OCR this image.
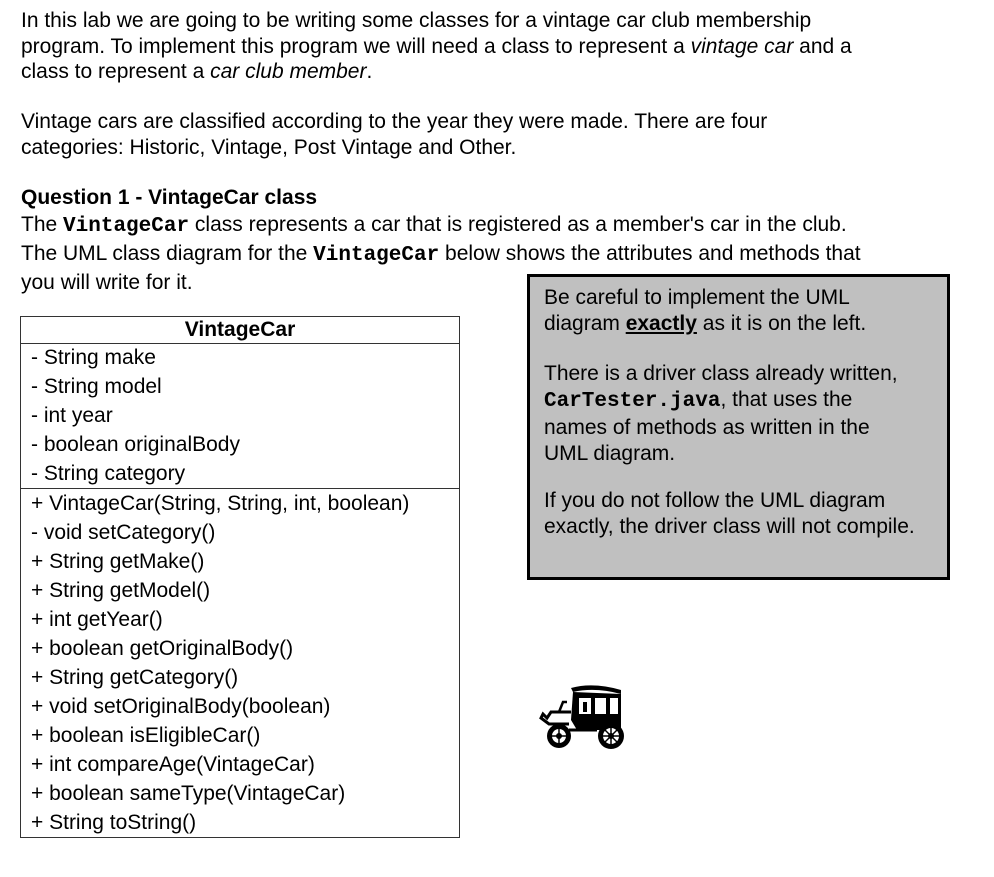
In this lab we are going to be writing some classes for a vintage car club membership
program. To implement this program we will need a class to represent a vintage car and a
class to represent a car club member.

Vintage cars are classified according to the year they were made. There are four
categories: Historic, Vintage, Post Vintage and Other.

Question 1 - VintageCar class

The VintageCar class represents a car that is registered as a member's car in the club.
The UML class diagram for the VintageCar below shows the attributes and methods that
you will write for it.

VintageCar
- String make
- String model
- int year
- boolean originalBody
- String category
+ VintageCar(String, String, int, boolean)
- void setCategory()
+ String getMake()
+ String getModel()
+ int getYear()
+ boolean getOriginalBody()
+ String getCategory()
+ void setOriginalBody(boolean)
+ boolean isEligibleCar()
+ int compareAge(VintageCar)
+ boolean sameType(VintageCar)
+ String toString()

Be careful to implement the UML
diagram exactly as it is on the left.

There is a driver class already written,
CarTester.java, that uses the
names of methods as written in the
UML diagram.

If you do not follow the UML diagram
exactly, the driver class will not compile.
